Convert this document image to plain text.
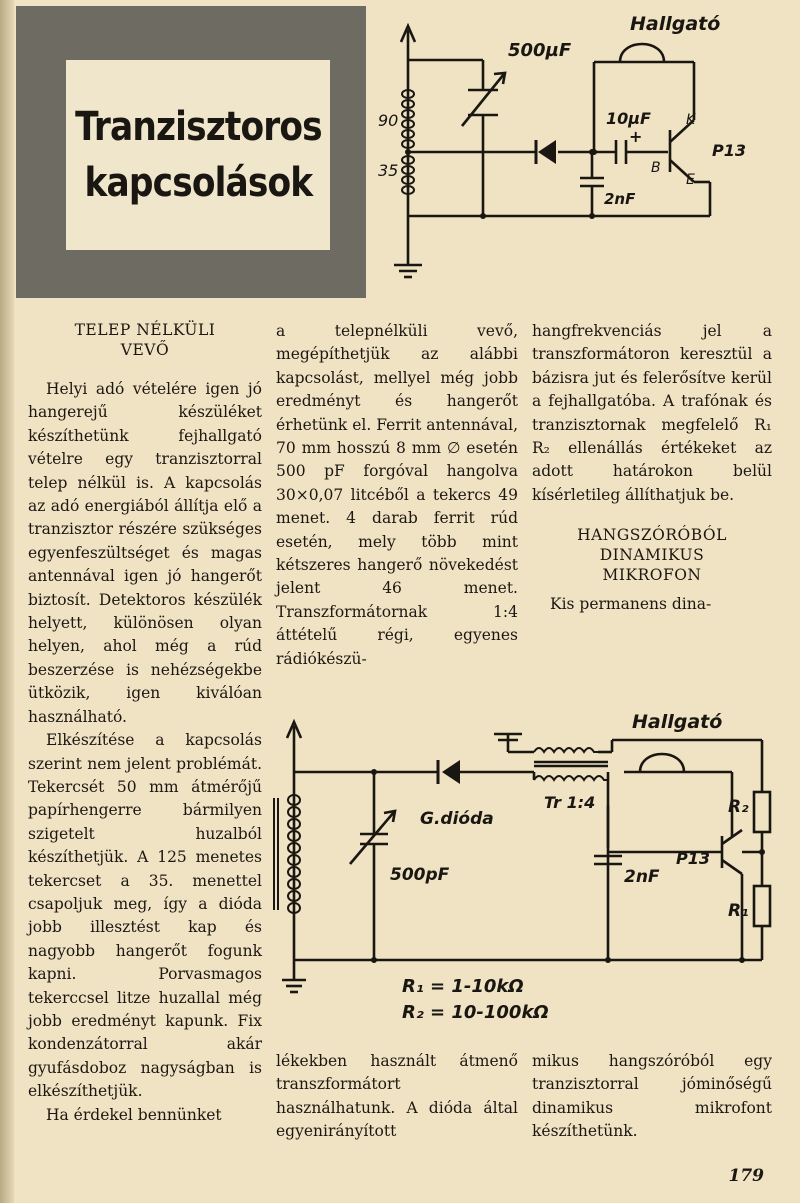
Tranzisztoros
kapcsolások
500µF
Hallgató
90
35
10µF
+
P13
K
B
E
2nF
TELEP NÉLKÜLI
VEVŐ

Helyi adó vételére igen jó hangerejű készüléket készíthetünk fejhallgató vételre egy tranzisztorral telep nélkül is. A kapcsolás az adó energiából állítja elő a tranzisztor részére szükséges egyenfeszültséget és magas antennával igen jó hangerőt biztosít. Detektoros készülék helyett, különösen olyan helyen, ahol még a rúd beszerzése is nehézségekbe ütközik, igen kiválóan használható.

Elkészítése a kapcsolás szerint nem jelent problémát. Tekercsét 50 mm átmérőjű papírhengerre bármilyen szigetelt huzalból készíthetjük. A 125 menetes tekercset a 35. menettel csapoljuk meg, így a dióda jobb illesztést kap és nagyobb hangerőt fogunk kapni. Porvasmagos tekerccsel litze huzallal még jobb eredményt kapunk. Fix kondenzátorral akár gyufásdoboz nagyságban is elkészíthetjük.

Ha érdekel bennünket

a telepnélküli vevő, megépíthetjük az alábbi kapcsolást, mellyel még jobb eredményt és hangerőt érhetünk el. Ferrit antennával, 70 mm hosszú 8 mm ∅ esetén 500 pF forgóval hangolva 30×0,07 litcéből a tekercs 49 menet. 4 darab ferrit rúd esetén, mely több mint kétszeres hangerő növekedést jelent 46 menet. Transzformátornak 1:4 áttételű régi, egyenes rádiókészü-

hangfrekvenciás jel a transzformátoron keresztül a bázisra jut és felerősítve kerül a fejhallgatóba. A trafónak és tranzisztornak megfelelő R₁ R₂ ellenállás értékeket az adott határokon belül kísérletileg állíthatjuk be.

HANGSZÓRÓBÓL
DINAMIKUS
MIKROFON

Kis permanens dina-

Hallgató
G.dióda
Tr 1:4
500pF	2nF
P13
R₂
R₁
R₁ = 1-10kΩ
R₂ = 10-100kΩ

lékekben használt átmenő transzformátort használhatunk. A dióda által egyenirányított

mikus hangszóróból egy tranzisztorral jóminőségű dinamikus mikrofont készíthetünk.

179
